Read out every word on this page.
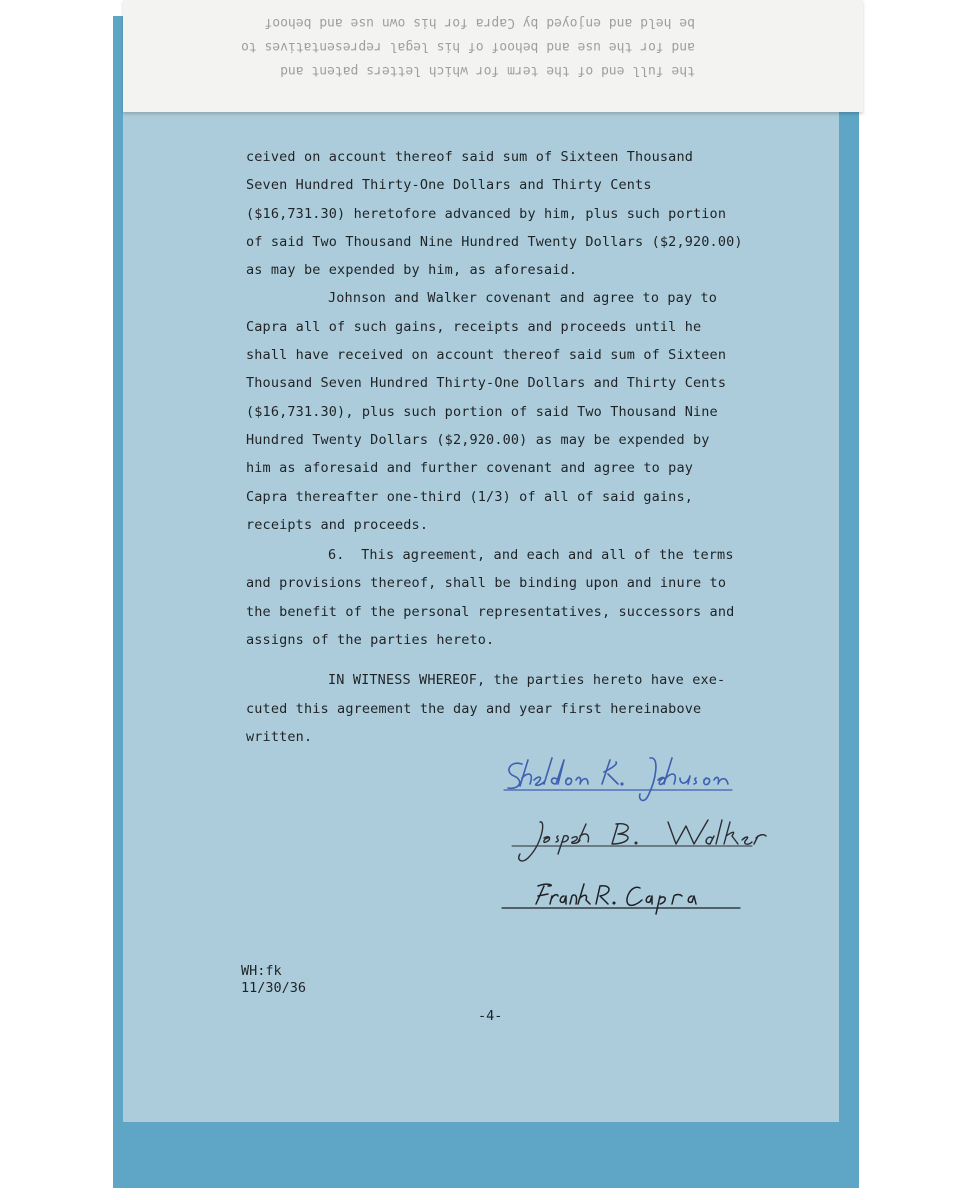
the full end of the term for which letters patent and
and for the use and behoof of his legal representatives to
be held and enjoyed by Capra for his own use and behoof
ceived on account thereof said sum of Sixteen Thousand
Seven Hundred Thirty-One Dollars and Thirty Cents
($16,731.30) heretofore advanced by him, plus such portion
of said Two Thousand Nine Hundred Twenty Dollars ($2,920.00)
as may be expended by him, as aforesaid.
Johnson and Walker covenant and agree to pay to
Capra all of such gains, receipts and proceeds until he
shall have received on account thereof said sum of Sixteen
Thousand Seven Hundred Thirty-One Dollars and Thirty Cents
($16,731.30), plus such portion of said Two Thousand Nine
Hundred Twenty Dollars ($2,920.00) as may be expended by
him as aforesaid and further covenant and agree to pay
Capra thereafter one-third (1/3) of all of said gains,
receipts and proceeds.
6.  This agreement, and each and all of the terms
and provisions thereof, shall be binding upon and inure to
the benefit of the personal representatives, successors and
assigns of the parties hereto.
IN WITNESS WHEREOF, the parties hereto have exe-
cuted this agreement the day and year first hereinabove
written.
WH:fk
11/30/36
-4-
